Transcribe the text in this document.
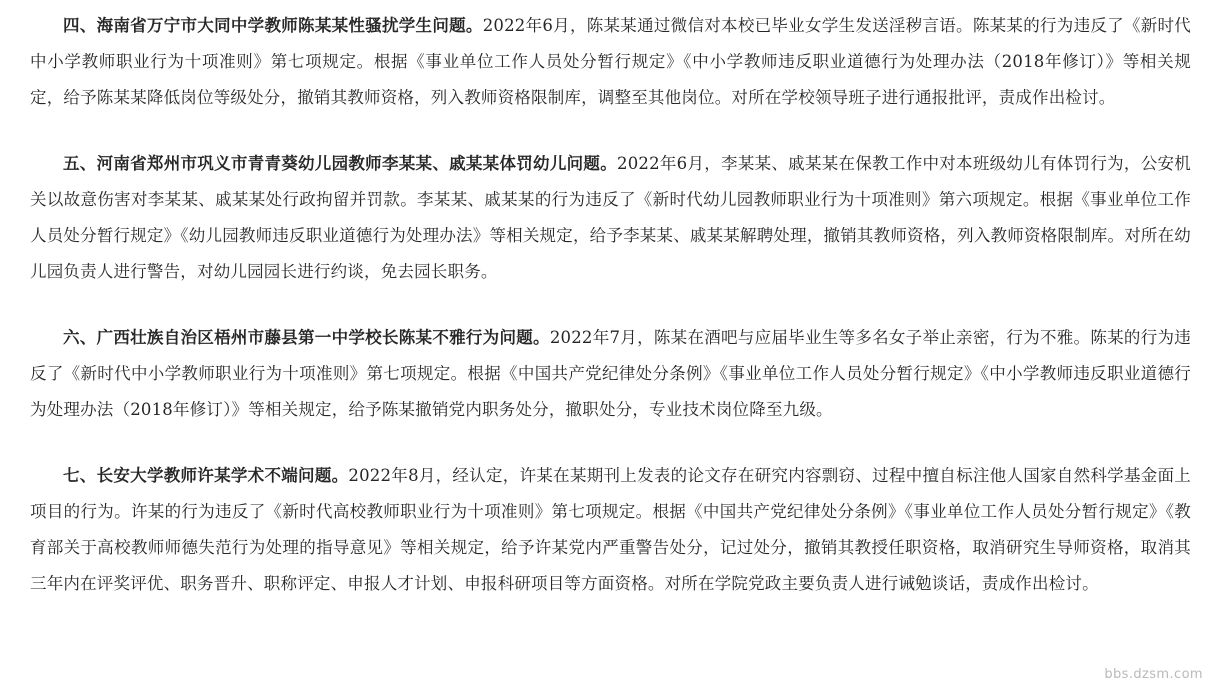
四、海南省万宁市大同中学教师陈某某性骚扰学生问题。2022年6月，陈某某通过微信对本校已毕业女学生发送淫秽言语。陈某某的行为违反了《新时代中小学教师职业行为十项准则》第七项规定。根据《事业单位工作人员处分暂行规定》《中小学教师违反职业道德行为处理办法（2018年修订）》等相关规定，给予陈某某降低岗位等级处分，撤销其教师资格，列入教师资格限制库，调整至其他岗位。对所在学校领导班子进行通报批评，责成作出检讨。

五、河南省郑州市巩义市青青葵幼儿园教师李某某、戚某某体罚幼儿问题。2022年6月，李某某、戚某某在保教工作中对本班级幼儿有体罚行为，公安机关以故意伤害对李某某、戚某某处行政拘留并罚款。李某某、戚某某的行为违反了《新时代幼儿园教师职业行为十项准则》第六项规定。根据《事业单位工作人员处分暂行规定》《幼儿园教师违反职业道德行为处理办法》等相关规定，给予李某某、戚某某解聘处理，撤销其教师资格，列入教师资格限制库。对所在幼儿园负责人进行警告，对幼儿园园长进行约谈，免去园长职务。

六、广西壮族自治区梧州市藤县第一中学校长陈某不雅行为问题。2022年7月，陈某在酒吧与应届毕业生等多名女子举止亲密，行为不雅。陈某的行为违反了《新时代中小学教师职业行为十项准则》第七项规定。根据《中国共产党纪律处分条例》《事业单位工作人员处分暂行规定》《中小学教师违反职业道德行为处理办法（2018年修订）》等相关规定，给予陈某撤销党内职务处分，撤职处分，专业技术岗位降至九级。

七、长安大学教师许某学术不端问题。2022年8月，经认定，许某在某期刊上发表的论文存在研究内容剽窃、过程中擅自标注他人国家自然科学基金面上项目的行为。许某的行为违反了《新时代高校教师职业行为十项准则》第七项规定。根据《中国共产党纪律处分条例》《事业单位工作人员处分暂行规定》《教育部关于高校教师师德失范行为处理的指导意见》等相关规定，给予许某党内严重警告处分，记过处分，撤销其教授任职资格，取消研究生导师资格，取消其三年内在评奖评优、职务晋升、职称评定、申报人才计划、申报科研项目等方面资格。对所在学院党政主要负责人进行诫勉谈话，责成作出检讨。

bbs.dzsm.com
